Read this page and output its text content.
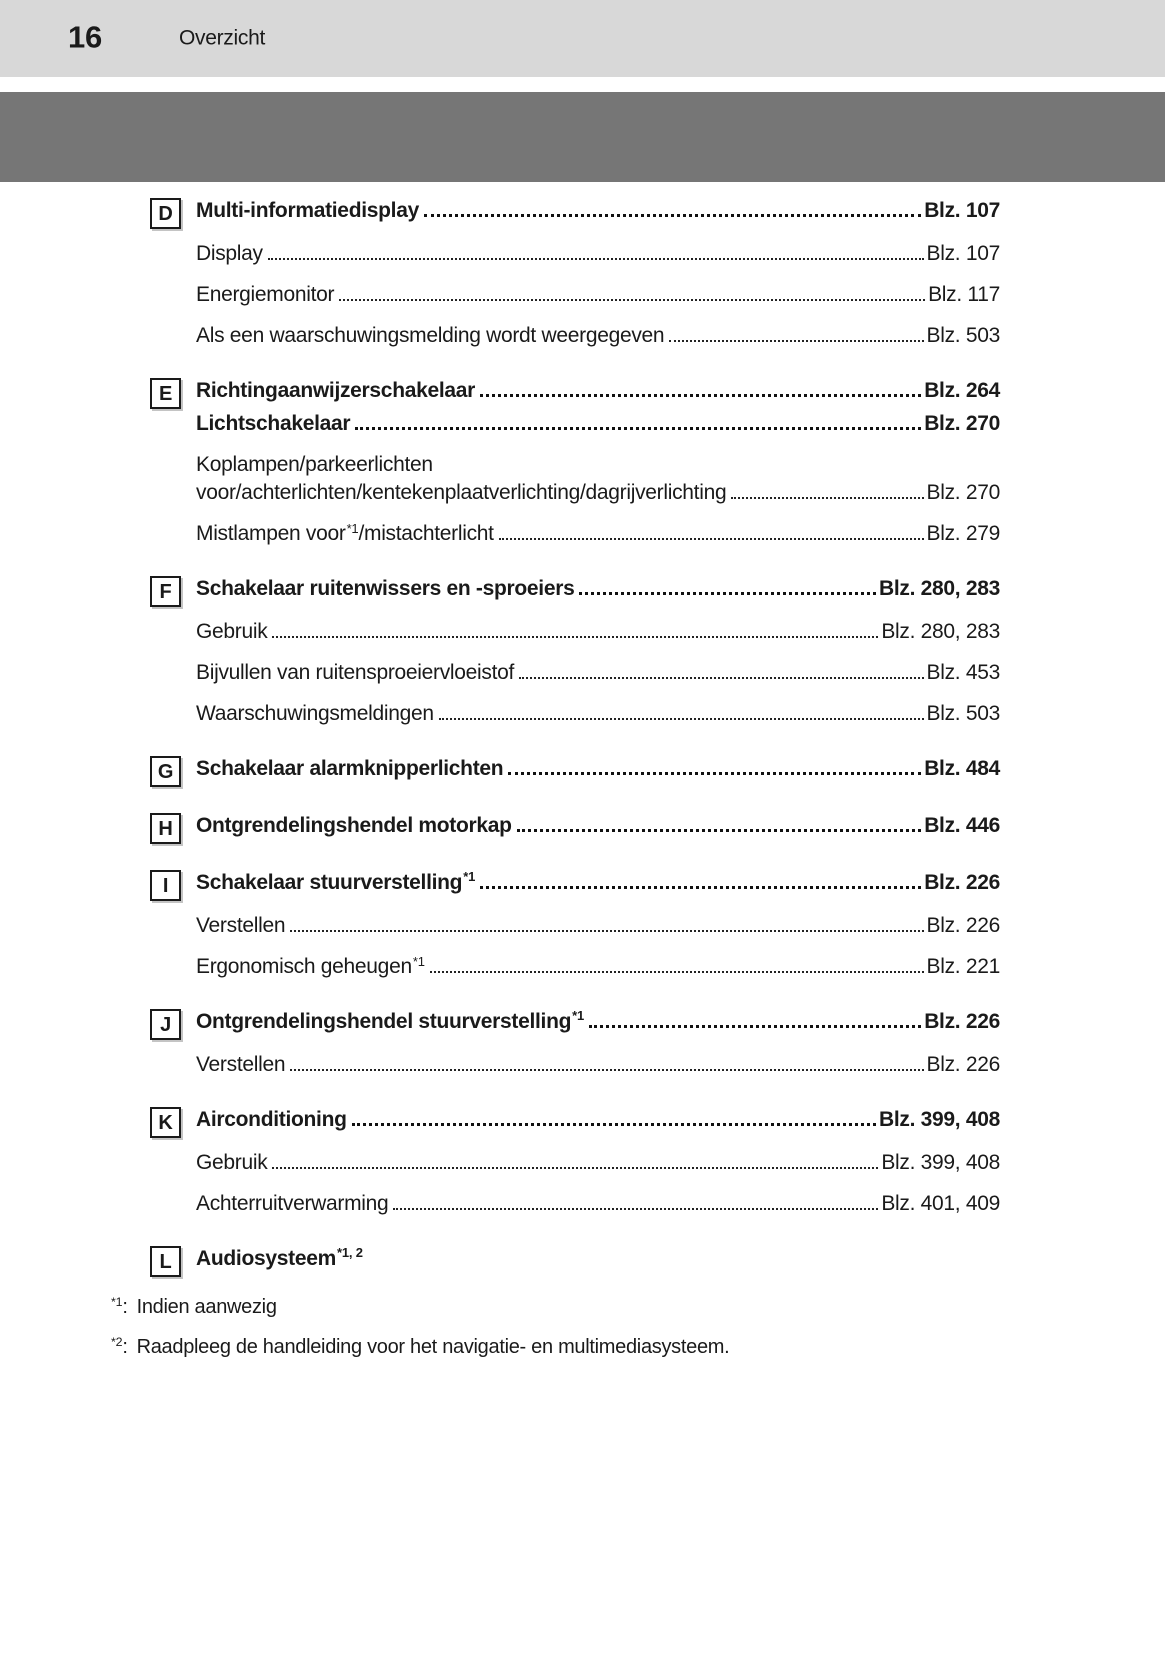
16	Overzicht
D	Multi-informatiedisplay	Blz. 107
Display	Blz. 107
Energiemonitor	Blz. 117
Als een waarschuwingsmelding wordt weergegeven	Blz. 503
E	Richtingaanwijzerschakelaar	Blz. 264
Lichtschakelaar	Blz. 270
Koplampen/parkeerlichten
voor/achterlichten/kentekenplaatverlichting/dagrijverlichting	Blz. 270
Mistlampen voor$^{*1}$/mistachterlicht	Blz. 279
F	Schakelaar ruitenwissers en -sproeiers	Blz. 280, 283
Gebruik	Blz. 280, 283
Bijvullen van ruitensproeiervloeistof	Blz. 453
Waarschuwingsmeldingen	Blz. 503
G	Schakelaar alarmknipperlichten	Blz. 484
H	Ontgrendelingshendel motorkap	Blz. 446
I	Schakelaar stuurverstelling$^{*1}$	Blz. 226
Verstellen	Blz. 226
Ergonomisch geheugen$^{*1}$	Blz. 221
J	Ontgrendelingshendel stuurverstelling$^{*1}$	Blz. 226
Verstellen	Blz. 226
K	Airconditioning	Blz. 399, 408
Gebruik	Blz. 399, 408
Achterruitverwarming	Blz. 401, 409
L	Audiosysteem$^{*1, 2}$
$^{*1}$: Indien aanwezig
$^{*2}$: Raadpleeg de handleiding voor het navigatie- en multimediasysteem.
